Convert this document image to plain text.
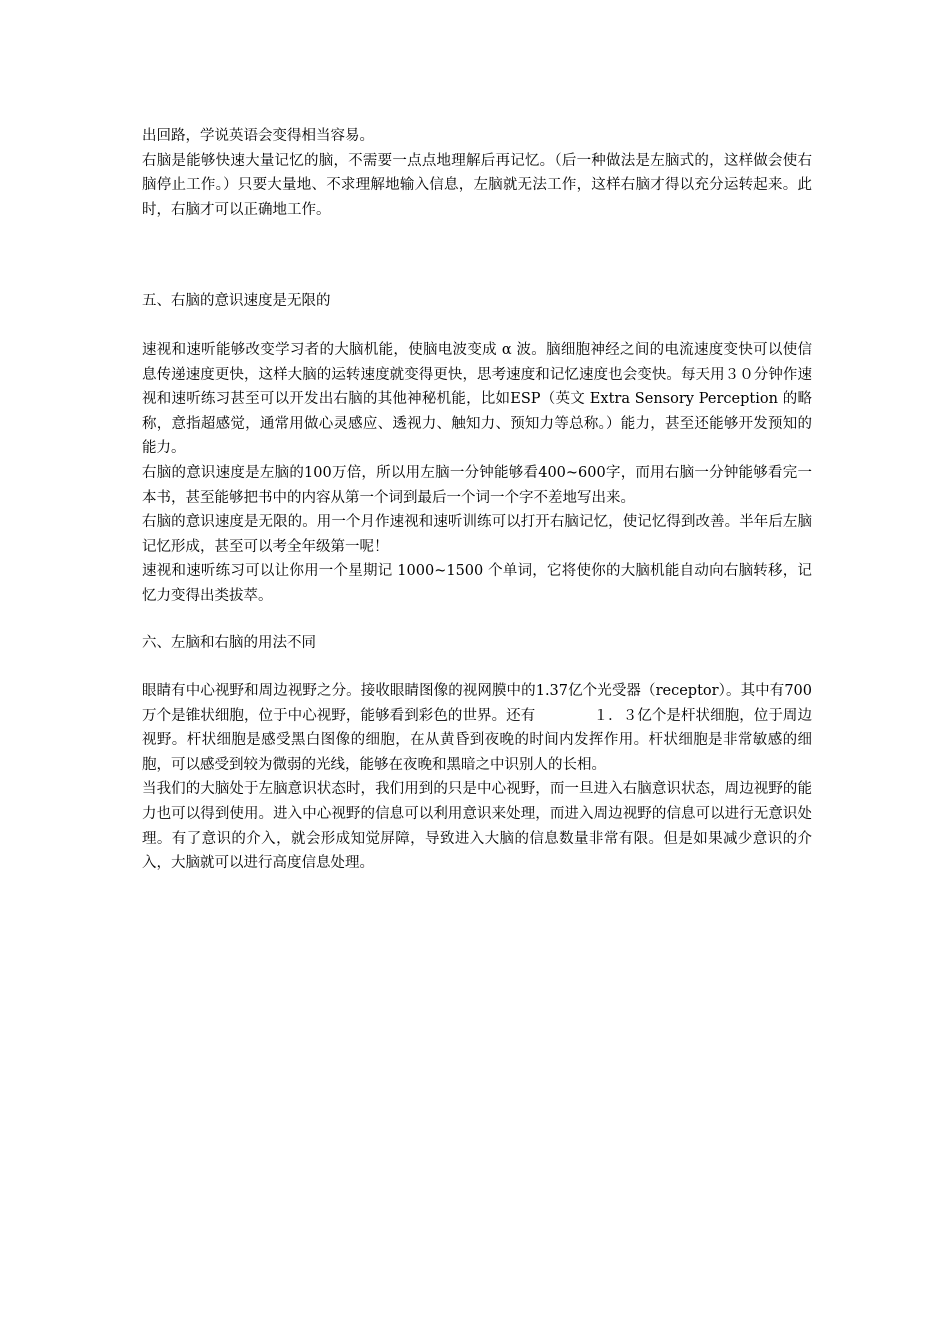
出回路，学说英语会变得相当容易。

右脑是能够快速大量记忆的脑，不需要一点点地理解后再记忆。（后一种做法是左脑式的，这样做会使右脑停止工作。）只要大量地、不求理解地输入信息，左脑就无法工作，这样右脑才得以充分运转起来。此时，右脑才可以正确地工作。

五、右脑的意识速度是无限的

速视和速听能够改变学习者的大脑机能，使脑电波变成 α 波。脑细胞神经之间的电流速度变快可以使信息传递速度更快，这样大脑的运转速度就变得更快，思考速度和记忆速度也会变快。每天用３０分钟作速视和速听练习甚至可以开发出右脑的其他神秘机能，比如ESP（英文 Extra Sensory Perception 的略称，意指超感觉，通常用做心灵感应、透视力、触知力、预知力等总称。）能力，甚至还能够开发预知的能力。

右脑的意识速度是左脑的100万倍，所以用左脑一分钟能够看400~600字，而用右脑一分钟能够看完一本书，甚至能够把书中的内容从第一个词到最后一个词一个字不差地写出来。

右脑的意识速度是无限的。用一个月作速视和速听训练可以打开右脑记忆，使记忆得到改善。半年后左脑记忆形成，甚至可以考全年级第一呢！

速视和速听练习可以让你用一个星期记 1000~1500 个单词，它将使你的大脑机能自动向右脑转移，记忆力变得出类拔萃。

六、左脑和右脑的用法不同

眼睛有中心视野和周边视野之分。接收眼睛图像的视网膜中的1.37亿个光受器（receptor）。其中有700万个是锥状细胞，位于中心视野，能够看到彩色的世界。还有　　　　１．３亿个是杆状细胞，位于周边视野。杆状细胞是感受黑白图像的细胞，在从黄昏到夜晚的时间内发挥作用。杆状细胞是非常敏感的细胞，可以感受到较为微弱的光线，能够在夜晚和黑暗之中识别人的长相。

当我们的大脑处于左脑意识状态时，我们用到的只是中心视野，而一旦进入右脑意识状态，周边视野的能力也可以得到使用。进入中心视野的信息可以利用意识来处理，而进入周边视野的信息可以进行无意识处理。有了意识的介入，就会形成知觉屏障，导致进入大脑的信息数量非常有限。但是如果减少意识的介入，大脑就可以进行高度信息处理。
